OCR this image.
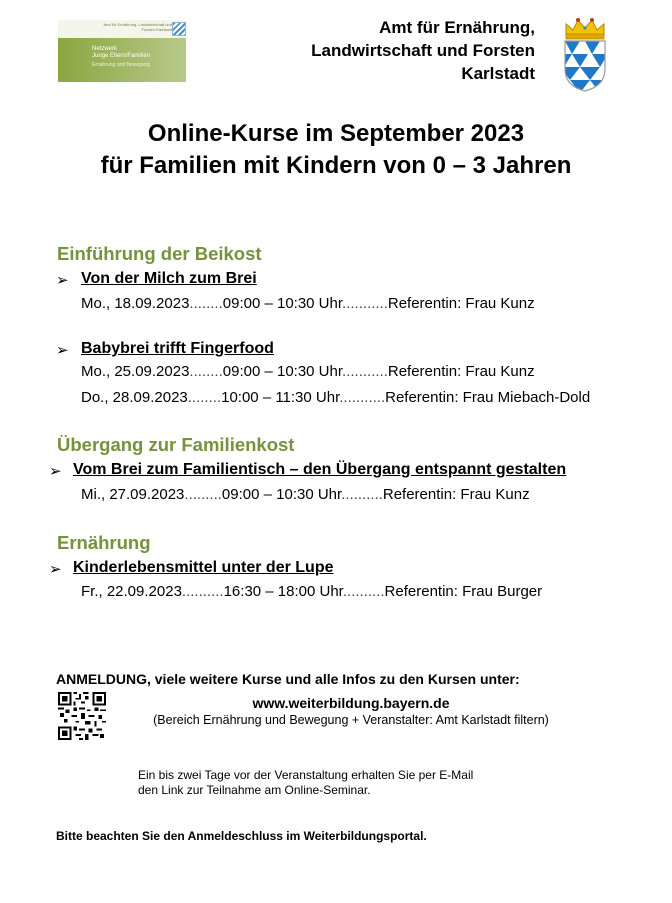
Amt für Ernährung, Landwirtschaft und Forsten Karlstadt
Netzwerk
Junge Eltern/Familien
Ernährung und Bewegung
Amt für Ernährung,
Landwirtschaft und Forsten
Karlstadt
Online-Kurse im September 2023
für Familien mit Kindern von 0 – 3 Jahren
Einführung der Beikost
➢ Von der Milch zum Brei
Mo., 18.09.2023........09:00 – 10:30 Uhr...........Referentin: Frau Kunz
➢ Babybrei trifft Fingerfood
Mo., 25.09.2023........09:00 – 10:30 Uhr...........Referentin: Frau Kunz
Do., 28.09.2023........10:00 – 11:30 Uhr...........Referentin: Frau Miebach-Dold
Übergang zur Familienkost
➢ Vom Brei zum Familientisch – den Übergang entspannt gestalten
Mi., 27.09.2023.........09:00 – 10:30 Uhr..........Referentin: Frau Kunz
Ernährung
➢ Kinderlebensmittel unter der Lupe
Fr., 22.09.2023..........16:30 – 18:00 Uhr..........Referentin: Frau Burger
ANMELDUNG, viele weitere Kurse und alle Infos zu den Kursen unter:
www.weiterbildung.bayern.de
(Bereich Ernährung und Bewegung + Veranstalter: Amt Karlstadt filtern)
Ein bis zwei Tage vor der Veranstaltung erhalten Sie per E-Mail
den Link zur Teilnahme am Online-Seminar.
Bitte beachten Sie den Anmeldeschluss im Weiterbildungsportal.
